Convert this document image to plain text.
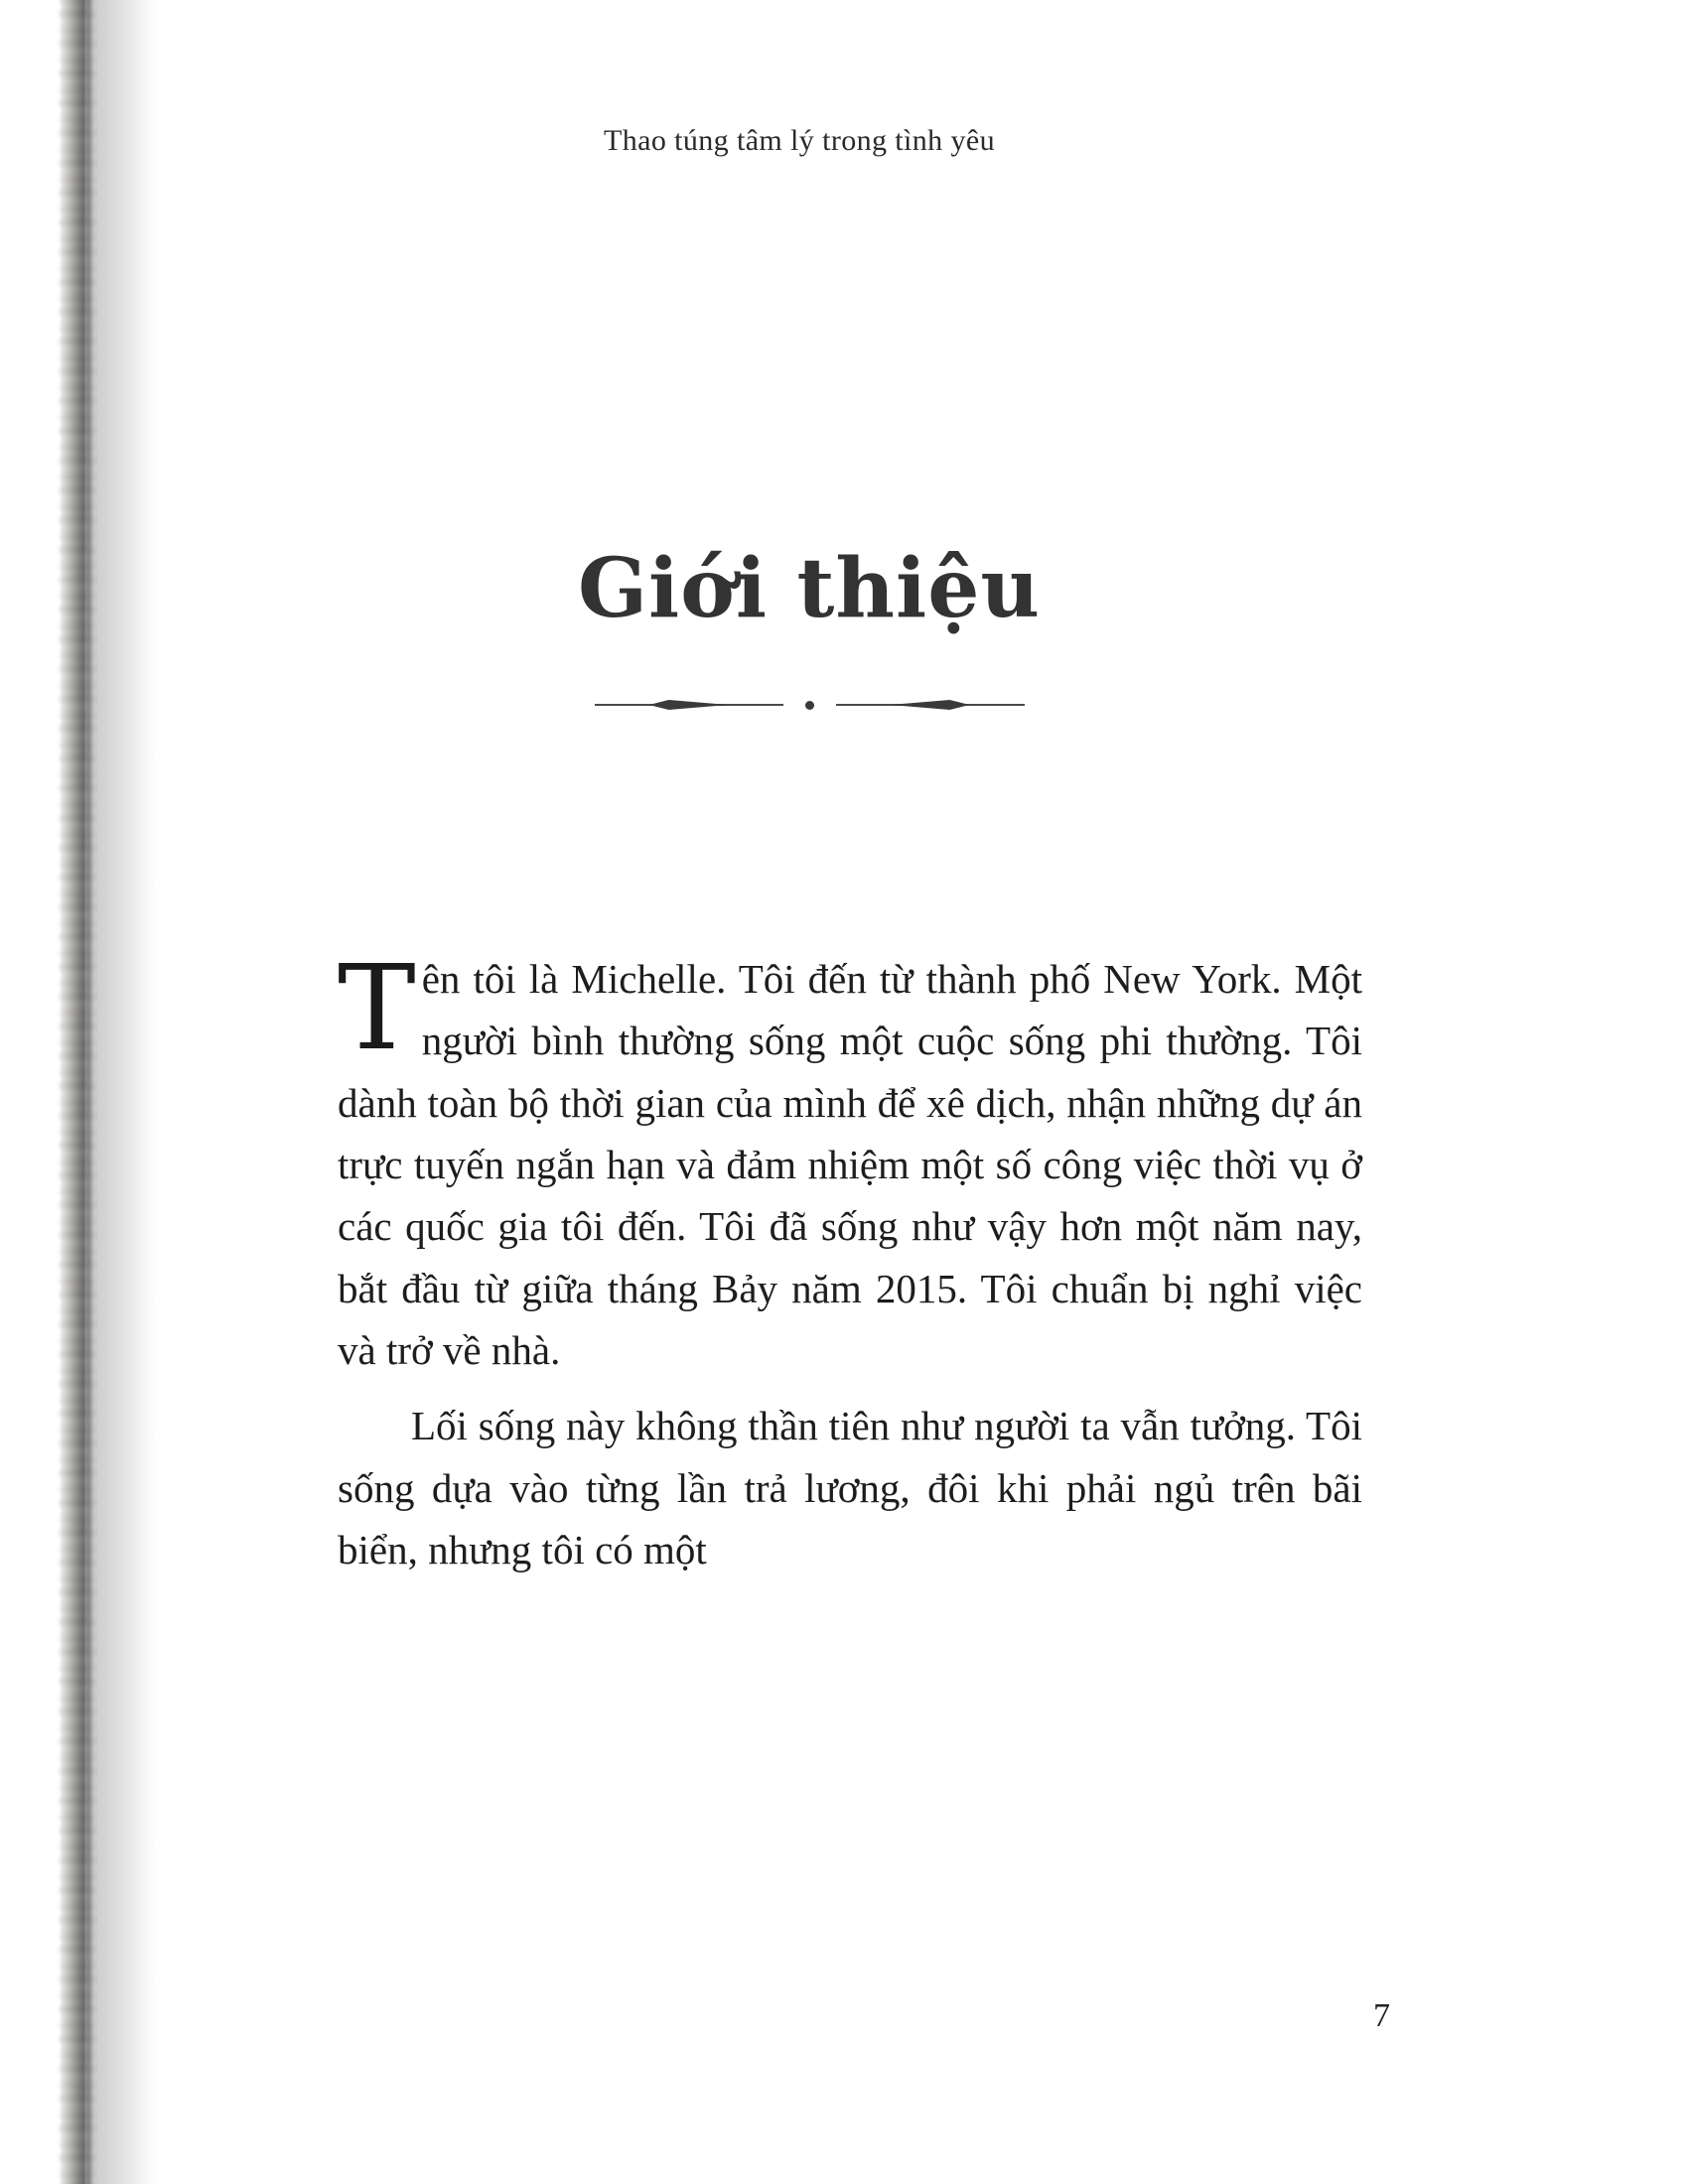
Thao túng tâm lý trong tình yêu
Giới thiệu

Tên tôi là Michelle. Tôi đến từ thành phố New York. Một người bình thường sống một cuộc sống phi thường. Tôi dành toàn bộ thời gian của mình để xê dịch, nhận những dự án trực tuyến ngắn hạn và đảm nhiệm một số công việc thời vụ ở các quốc gia tôi đến. Tôi đã sống như vậy hơn một năm nay, bắt đầu từ giữa tháng Bảy năm 2015. Tôi chuẩn bị nghỉ việc và trở về nhà.

Lối sống này không thần tiên như người ta vẫn tưởng. Tôi sống dựa vào từng lần trả lương, đôi khi phải ngủ trên bãi biển, nhưng tôi có một

7
